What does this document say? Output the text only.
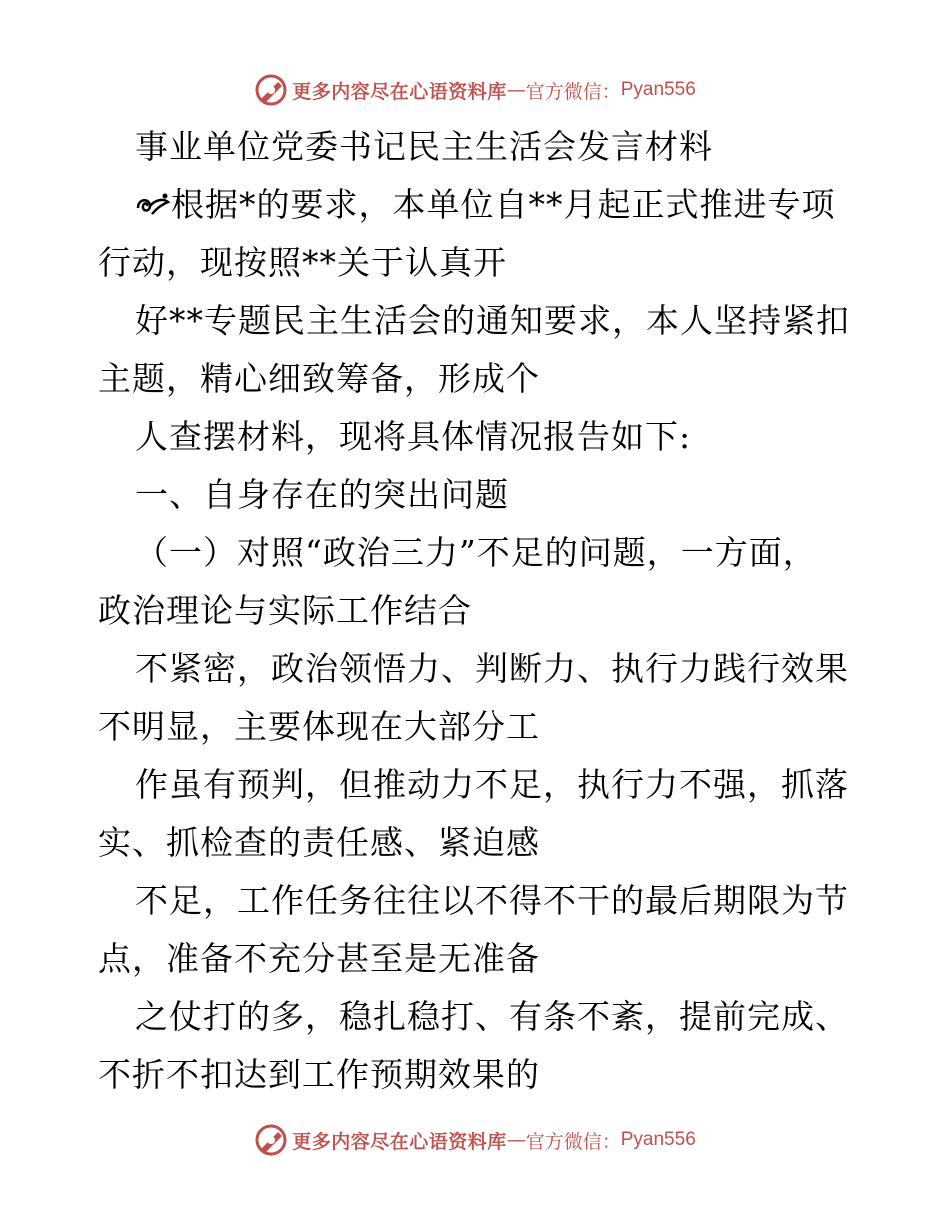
更多内容尽在心语资料库 — 官方微信： Pyan556
事业单位党委书记民主生活会发言材料
根据*的要求，本单位自**月起正式推进专项
行动，现按照**关于认真开
好**专题民主生活会的通知要求，本人坚持紧扣
主题，精心细致筹备，形成个
人查摆材料，现将具体情况报告如下:
一、自身存在的突出问题
（一）对照“政治三力”不足的问题，一方面，
政治理论与实际工作结合
不紧密，政治领悟力、判断力、执行力践行效果
不明显，主要体现在大部分工
作虽有预判，但推动力不足，执行力不强，抓落
实、抓检查的责任感、紧迫感
不足，工作任务往往以不得不干的最后期限为节
点，准备不充分甚至是无准备
之仗打的多，稳扎稳打、有条不紊，提前完成、
不折不扣达到工作预期效果的
更多内容尽在心语资料库 — 官方微信： Pyan556
